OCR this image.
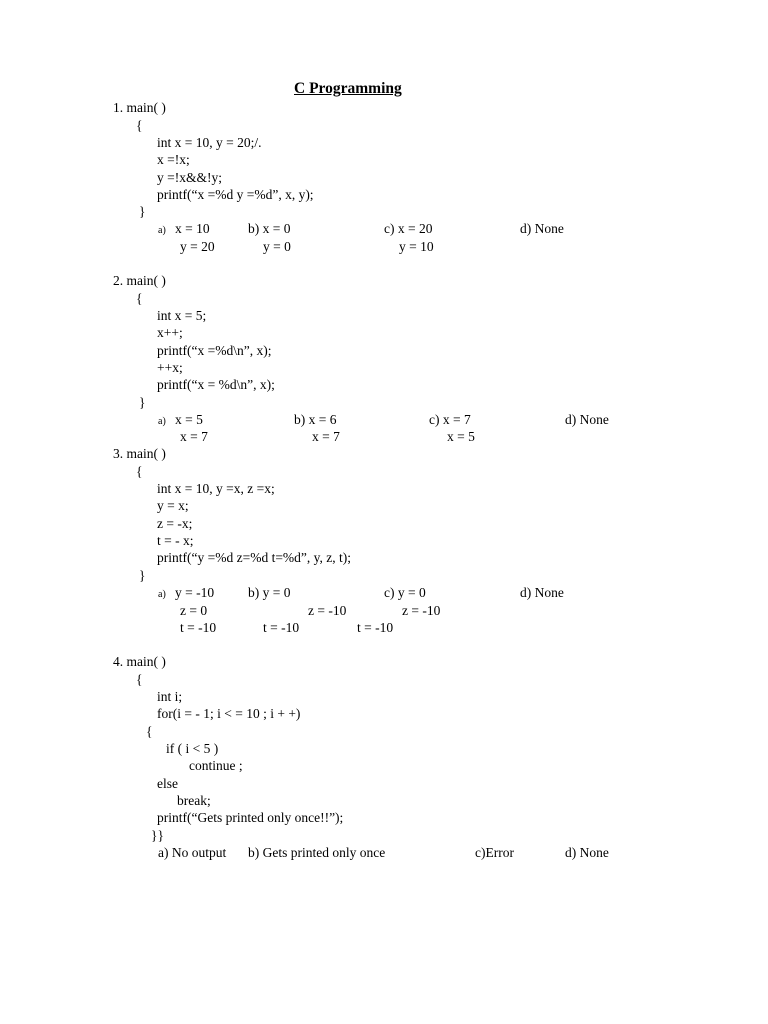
C Programming
1. main( )
{
int x = 10, y = 20;/.
x =!x;
y =!x&&!y;
printf(“x =%d y =%d”, x, y);
}
a) x = 10
y = 20
b) x = 0
y = 0
c) x = 20
y = 10
d) None
2. main( )
{
int x = 5;
x++;
printf(“x =%d\n”, x);
++x;
printf(“x = %d\n”, x);
}
a) x = 5
x = 7
b) x = 6
x = 7
c) x = 7
x = 5
d) None
3. main( )
{
int x = 10, y =x, z =x;
y = x;
z = -x;
t = - x;
printf(“y =%d z=%d t=%d”, y, z, t);
}
a) y = -10
z = 0
t = -10
b) y = 0
z = -10
t = -10
c) y = 0
z = -10
t = -10
d) None
4. main( )
{
int i;
for(i = - 1; i < = 10 ; i + +)
{
if ( i < 5 )
continue ;
else
break;
printf(“Gets printed only once!!”);
}}
a) No output b) Gets printed only once	c)Error	d) None
